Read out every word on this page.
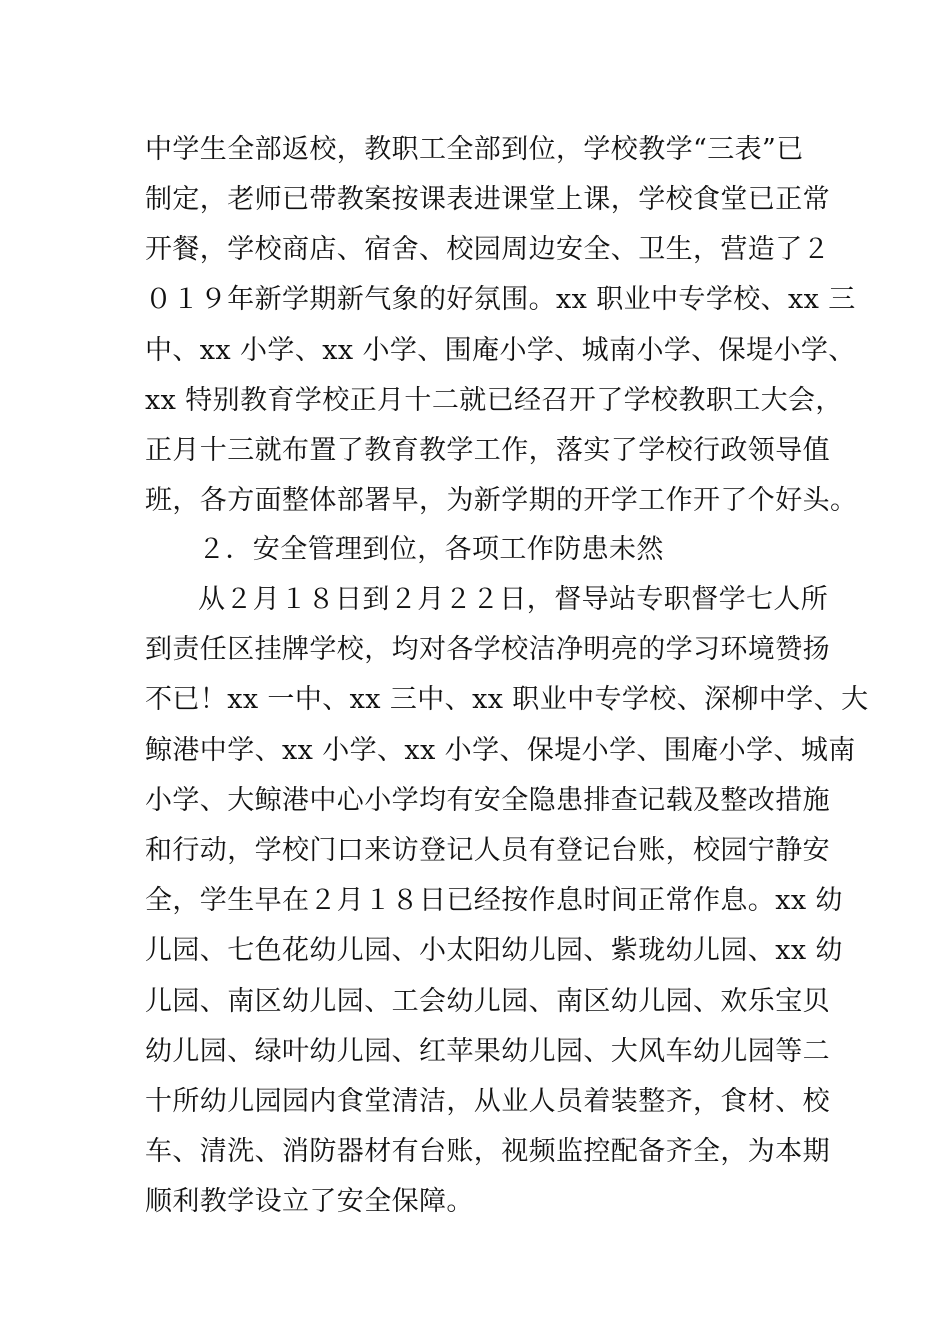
中学生全部返校，教职工全部到位，学校教学“三表”已
制定，老师已带教案按课表进课堂上课，学校食堂已正常
开餐，学校商店、宿舍、校园周边安全、卫生，营造了２
０１９年新学期新气象的好氛围。xx 职业中专学校、xx 三
中、xx 小学、xx 小学、围庵小学、城南小学、保堤小学、
xx 特别教育学校正月十二就已经召开了学校教职工大会，
正月十三就布置了教育教学工作，落实了学校行政领导值
班，各方面整体部署早，为新学期的开学工作开了个好头。
２．安全管理到位，各项工作防患未然
从２月１８日到２月２２日，督导站专职督学七人所
到责任区挂牌学校，均对各学校洁净明亮的学习环境赞扬
不已！xx 一中、xx 三中、xx 职业中专学校、深柳中学、大
鲸港中学、xx 小学、xx 小学、保堤小学、围庵小学、城南
小学、大鲸港中心小学均有安全隐患排查记载及整改措施
和行动，学校门口来访登记人员有登记台账，校园宁静安
全，学生早在２月１８日已经按作息时间正常作息。xx 幼
儿园、七色花幼儿园、小太阳幼儿园、紫珑幼儿园、xx 幼
儿园、南区幼儿园、工会幼儿园、南区幼儿园、欢乐宝贝
幼儿园、绿叶幼儿园、红苹果幼儿园、大风车幼儿园等二
十所幼儿园园内食堂清洁，从业人员着装整齐，食材、校
车、清洗、消防器材有台账，视频监控配备齐全，为本期
顺利教学设立了安全保障。
